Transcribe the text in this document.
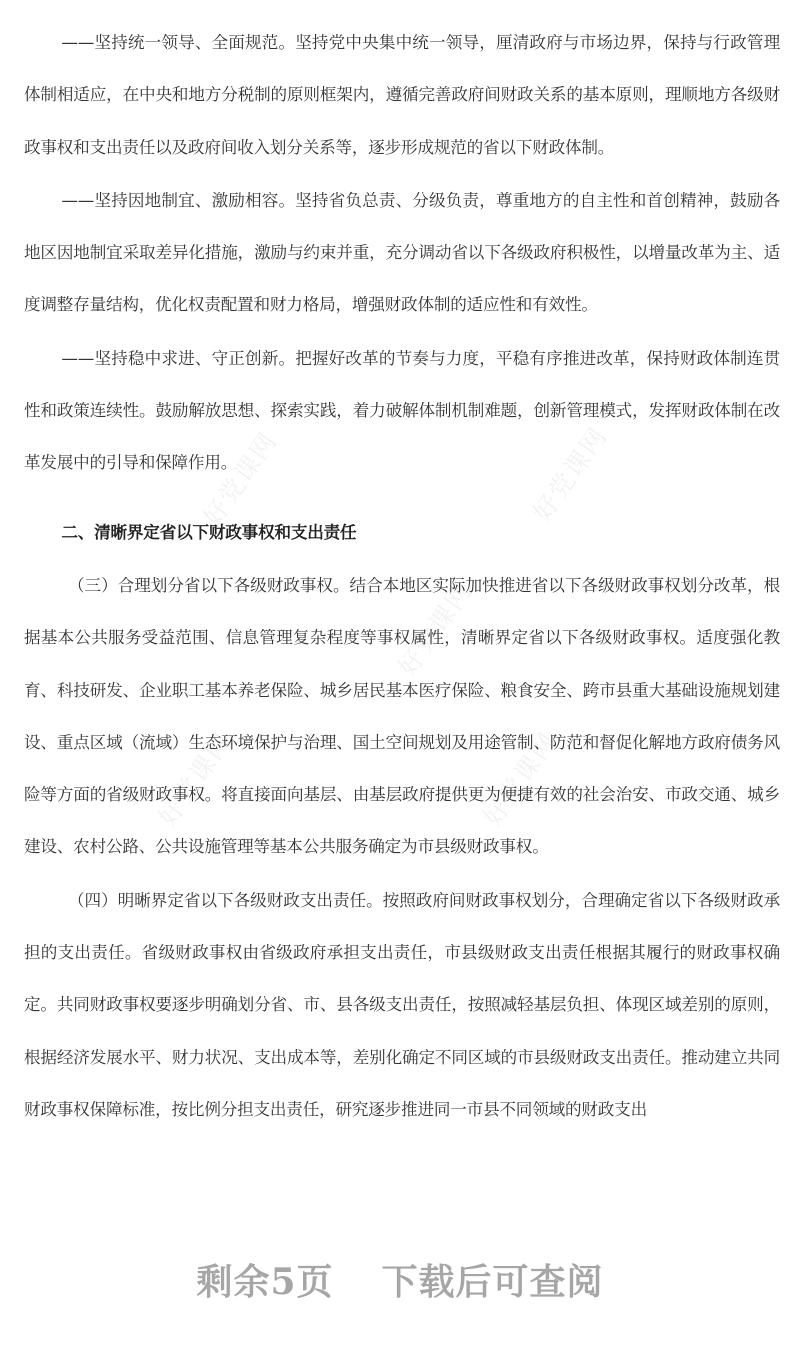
——坚持统一领导、全面规范。坚持党中央集中统一领导，厘清政府与市场边界，保持与行政管理体制相适应，在中央和地方分税制的原则框架内，遵循完善政府间财政关系的基本原则，理顺地方各级财政事权和支出责任以及政府间收入划分关系等，逐步形成规范的省以下财政体制。

——坚持因地制宜、激励相容。坚持省负总责、分级负责，尊重地方的自主性和首创精神，鼓励各地区因地制宜采取差异化措施，激励与约束并重，充分调动省以下各级政府积极性，以增量改革为主、适度调整存量结构，优化权责配置和财力格局，增强财政体制的适应性和有效性。

——坚持稳中求进、守正创新。把握好改革的节奏与力度，平稳有序推进改革，保持财政体制连贯性和政策连续性。鼓励解放思想、探索实践，着力破解体制机制难题，创新管理模式，发挥财政体制在改革发展中的引导和保障作用。

二、清晰界定省以下财政事权和支出责任

（三）合理划分省以下各级财政事权。结合本地区实际加快推进省以下各级财政事权划分改革，根据基本公共服务受益范围、信息管理复杂程度等事权属性，清晰界定省以下各级财政事权。适度强化教育、科技研发、企业职工基本养老保险、城乡居民基本医疗保险、粮食安全、跨市县重大基础设施规划建设、重点区域（流域）生态环境保护与治理、国土空间规划及用途管制、防范和督促化解地方政府债务风险等方面的省级财政事权。将直接面向基层、由基层政府提供更为便捷有效的社会治安、市政交通、城乡建设、农村公路、公共设施管理等基本公共服务确定为市县级财政事权。

（四）明晰界定省以下各级财政支出责任。按照政府间财政事权划分，合理确定省以下各级财政承担的支出责任。省级财政事权由省级政府承担支出责任，市县级财政支出责任根据其履行的财政事权确定。共同财政事权要逐步明确划分省、市、县各级支出责任，按照减轻基层负担、体现区域差别的原则，根据经济发展水平、财力状况、支出成本等，差别化确定不同区域的市县级财政支出责任。推动建立共同财政事权保障标准，按比例分担支出责任，研究逐步推进同一市县不同领域的财政支出

好党课网	好党课网
好党课网
好党课网	好党课网
剩余5页 下载后可查阅
